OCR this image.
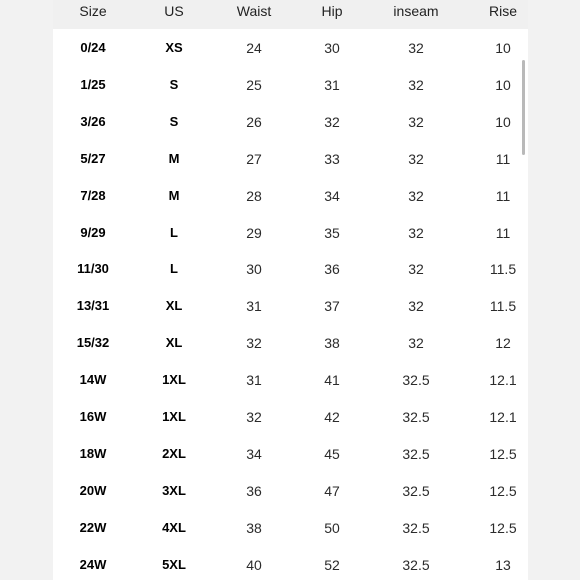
Size	US	Waist	Hip	inseam	Rise
0/24	XS	24	30	32	10
1/25	S	25	31	32	10
3/26	S	26	32	32	10
5/27	M	27	33	32	11
7/28	M	28	34	32	11
9/29	L	29	35	32	11
11/30	L	30	36	32	11.5
13/31	XL	31	37	32	11.5
15/32	XL	32	38	32	12
14W	1XL	31	41	32.5	12.1
16W	1XL	32	42	32.5	12.1
18W	2XL	34	45	32.5	12.5
20W	3XL	36	47	32.5	12.5
22W	4XL	38	50	32.5	12.5
24W	5XL	40	52	32.5	13
